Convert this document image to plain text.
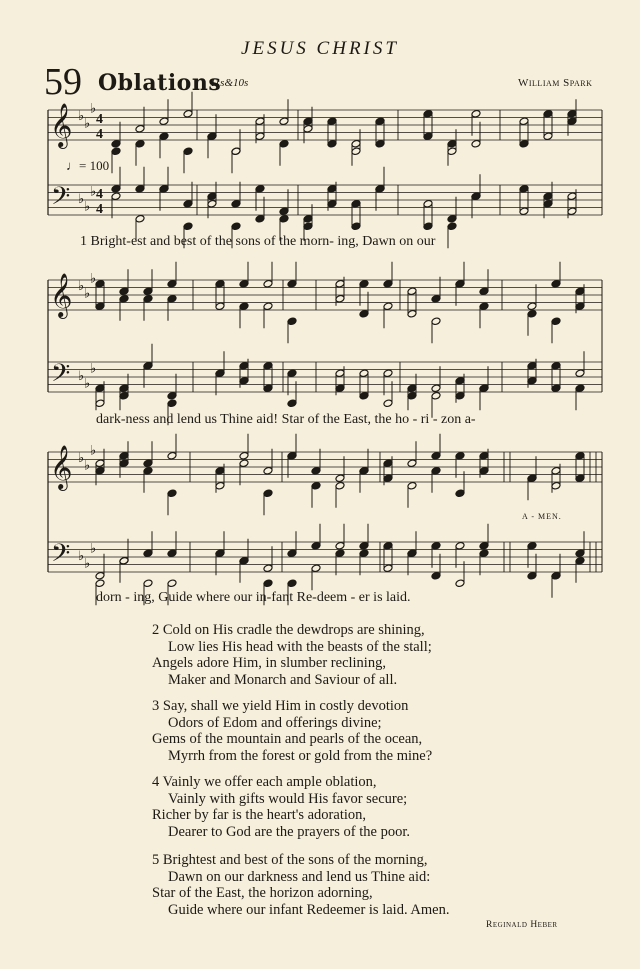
JESUS CHRIST
59 Oblations
11s&10s	William Spark
𝄞
𝄢
♭
♭
♭
♭
♭
♭
4
4
4
4
𝄞
𝄢
♭
♭
♭
♭
♭
♭
𝄞
𝄢
♭
♭
♭
♭
♭
♭
♩= 100
1 Bright-est and best of the sons of the morn- ing, Dawn on our
dark-ness and lend us Thine aid! Star of the East, the ho - ri - zon a-
dorn - ing, Guide where our in-fant Re-deem - er is laid.
A - MEN.
2 Cold on His cradle the dewdrops are shining,
Low lies His head with the beasts of the stall;
Angels adore Him, in slumber reclining,
Maker and Monarch and Saviour of all.
3 Say, shall we yield Him in costly devotion
Odors of Edom and offerings divine;
Gems of the mountain and pearls of the ocean,
Myrrh from the forest or gold from the mine?
4 Vainly we offer each ample oblation,
Vainly with gifts would His favor secure;
Richer by far is the heart's adoration,
Dearer to God are the prayers of the poor.
5 Brightest and best of the sons of the morning,
Dawn on our darkness and lend us Thine aid:
Star of the East, the horizon adorning,
Guide where our infant Redeemer is laid. Amen.
Reginald Heber
